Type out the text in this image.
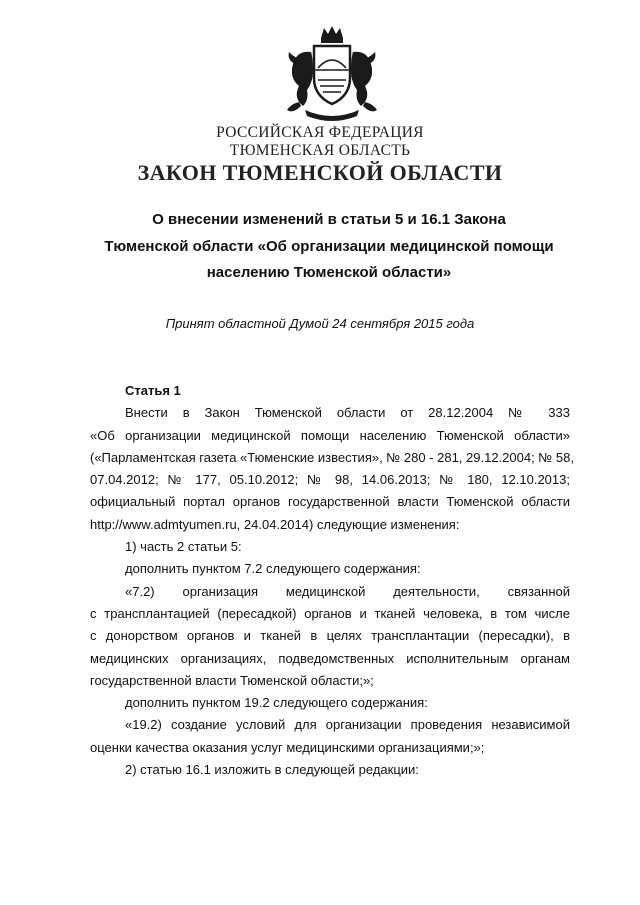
РОССИЙСКАЯ ФЕДЕРАЦИЯ
ТЮМЕНСКАЯ ОБЛАСТЬ
ЗАКОН ТЮМЕНСКОЙ ОБЛАСТИ
О внесении изменений в статьи 5 и 16.1 Закона
Тюменской области «Об организации медицинской помощи
населению Тюменской области»
Принят областной Думой 24 сентября 2015 года
Статья 1
Внести в Закон Тюменской области от 28.12.2004 № 333
«Об организации медицинской помощи населению Тюменской области»
(«Парламентская газета «Тюменские известия», № 280 - 281, 29.12.2004; № 58,
07.04.2012; № 177, 05.10.2012; № 98, 14.06.2013; № 180, 12.10.2013;
официальный портал органов государственной власти Тюменской области
http://www.admtyumen.ru, 24.04.2014) следующие изменения:
1) часть 2 статьи 5:
дополнить пунктом 7.2 следующего содержания:
«7.2) организация медицинской деятельности, связанной
с трансплантацией (пересадкой) органов и тканей человека, в том числе
с донорством органов и тканей в целях трансплантации (пересадки), в
медицинских организациях, подведомственных исполнительным органам
государственной власти Тюменской области;»;
дополнить пунктом 19.2 следующего содержания:
«19.2) создание условий для организации проведения независимой
оценки качества оказания услуг медицинскими организациями;»;
2) статью 16.1 изложить в следующей редакции:
